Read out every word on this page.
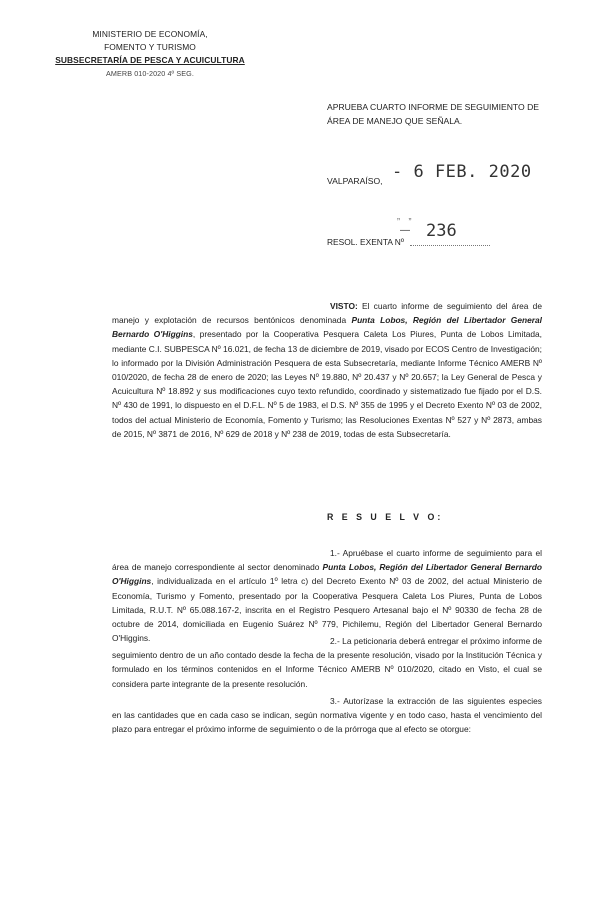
MINISTERIO DE ECONOMÍA,
FOMENTO Y TURISMO
SUBSECRETARÍA DE PESCA Y ACUICULTURA
AMERB 010-2020 4º SEG.
APRUEBA CUARTO INFORME DE SEGUIMIENTO DE ÁREA DE MANEJO QUE SEÑALA.
VALPARAÍSO, - 6 FEB. 2020
„ „
— 236
RESOL. EXENTA Nº
VISTO: El cuarto informe de seguimiento del área de manejo y explotación de recursos bentónicos denominada Punta Lobos, Región del Libertador General Bernardo O'Higgins, presentado por la Cooperativa Pesquera Caleta Los Piures, Punta de Lobos Limitada, mediante C.I. SUBPESCA Nº 16.021, de fecha 13 de diciembre de 2019, visado por ECOS Centro de Investigación; lo informado por la División Administración Pesquera de esta Subsecretaría, mediante Informe Técnico AMERB Nº 010/2020, de fecha 28 de enero de 2020; las Leyes Nº 19.880, Nº 20.437 y Nº 20.657; la Ley General de Pesca y Acuicultura Nº 18.892 y sus modificaciones cuyo texto refundido, coordinado y sistematizado fue fijado por el D.S. Nº 430 de 1991, lo dispuesto en el D.F.L. Nº 5 de 1983, el D.S. Nº 355 de 1995 y el Decreto Exento Nº 03 de 2002, todos del actual Ministerio de Economía, Fomento y Turismo; las Resoluciones Exentas Nº 527 y Nº 2873, ambas de 2015, Nº 3871 de 2016, Nº 629 de 2018 y Nº 238 de 2019, todas de esta Subsecretaría.
R E S U E L V O:
1.- Apruébase el cuarto informe de seguimiento para el área de manejo correspondiente al sector denominado Punta Lobos, Región del Libertador General Bernardo O'Higgins, individualizada en el artículo 1º letra c) del Decreto Exento Nº 03 de 2002, del actual Ministerio de Economía, Turismo y Fomento, presentado por la Cooperativa Pesquera Caleta Los Piures, Punta de Lobos Limitada, R.U.T. Nº 65.088.167-2, inscrita en el Registro Pesquero Artesanal bajo el Nº 90330 de fecha 28 de octubre de 2014, domiciliada en Eugenio Suárez Nº 779, Pichilemu, Región del Libertador General Bernardo O'Higgins.	2.- La peticionaria deberá entregar el próximo informe de seguimiento dentro de un año contado desde la fecha de la presente resolución, visado por la Institución Técnica y formulado en los términos contenidos en el Informe Técnico AMERB Nº 010/2020, citado en Visto, el cual se considera parte integrante de la presente resolución.
3.- Autorízase la extracción de las siguientes especies en las cantidades que en cada caso se indican, según normativa vigente y en todo caso, hasta el vencimiento del plazo para entregar el próximo informe de seguimiento o de la prórroga que al efecto se otorgue:
